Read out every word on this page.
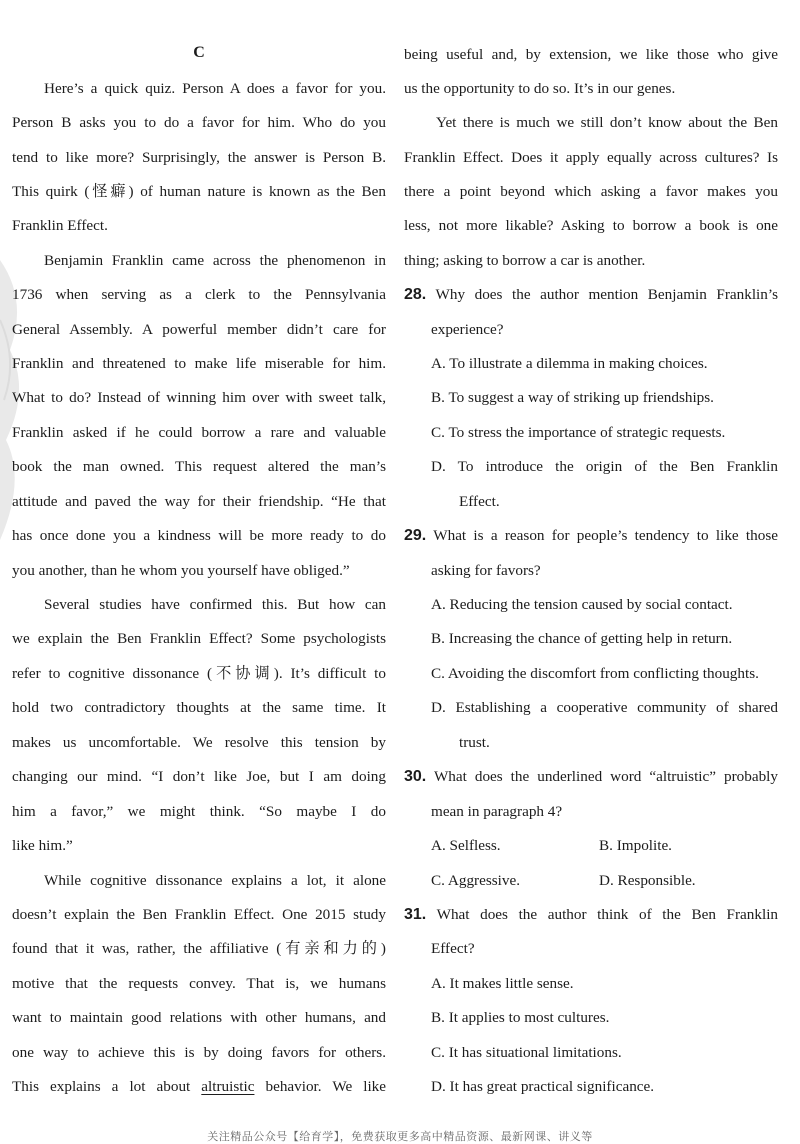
C
Here’s a quick quiz. Person A does a favor for you.
Person B asks you to do a favor for him. Who do you
tend to like more? Surprisingly, the answer is Person B.
This quirk (怪癖) of human nature is known as the Ben
Franklin Effect.
Benjamin Franklin came across the phenomenon in
1736 when serving as a clerk to the Pennsylvania
General Assembly. A powerful member didn’t care for
Franklin and threatened to make life miserable for him.
What to do? Instead of winning him over with sweet talk,
Franklin asked if he could borrow a rare and valuable
book the man owned. This request altered the man’s
attitude and paved the way for their friendship. “He that
has once done you a kindness will be more ready to do
you another, than he whom you yourself have obliged.”
Several studies have confirmed this. But how can
we explain the Ben Franklin Effect? Some psychologists
refer to cognitive dissonance (不协调). It’s difficult to
hold two contradictory thoughts at the same time. It
makes us uncomfortable. We resolve this tension by
changing our mind. “I don’t like Joe, but I am doing
him a favor,” we might think. “So maybe I do
like him.”
While cognitive dissonance explains a lot, it alone
doesn’t explain the Ben Franklin Effect. One 2015 study
found that it was, rather, the affiliative (有亲和力的)
motive that the requests convey. That is, we humans
want to maintain good relations with other humans, and
one way to achieve this is by doing favors for others.
This explains a lot about altruistic behavior. We like
being useful and, by extension, we like those who give
us the opportunity to do so. It’s in our genes.
Yet there is much we still don’t know about the Ben
Franklin Effect. Does it apply equally across cultures? Is
there a point beyond which asking a favor makes you
less, not more likable? Asking to borrow a book is one
thing; asking to borrow a car is another.
28. Why does the author mention Benjamin Franklin’s
experience?
A. To illustrate a dilemma in making choices.
B. To suggest a way of striking up friendships.
C. To stress the importance of strategic requests.
D. To introduce the origin of the Ben Franklin
Effect.
29. What is a reason for people’s tendency to like those
asking for favors?
A. Reducing the tension caused by social contact.
B. Increasing the chance of getting help in return.
C. Avoiding the discomfort from conflicting thoughts.
D. Establishing a cooperative community of shared
trust.
30. What does the underlined word “altruistic” probably
mean in paragraph 4?
A. Selfless.	B. Impolite.
C. Aggressive.	D. Responsible.
31. What does the author think of the Ben Franklin
Effect?
A. It makes little sense.
B. It applies to most cultures.
C. It has situational limitations.
D. It has great practical significance.
关注精品公众号【给育学】，免费获取更多高中精品资源、最新网课、讲义等
